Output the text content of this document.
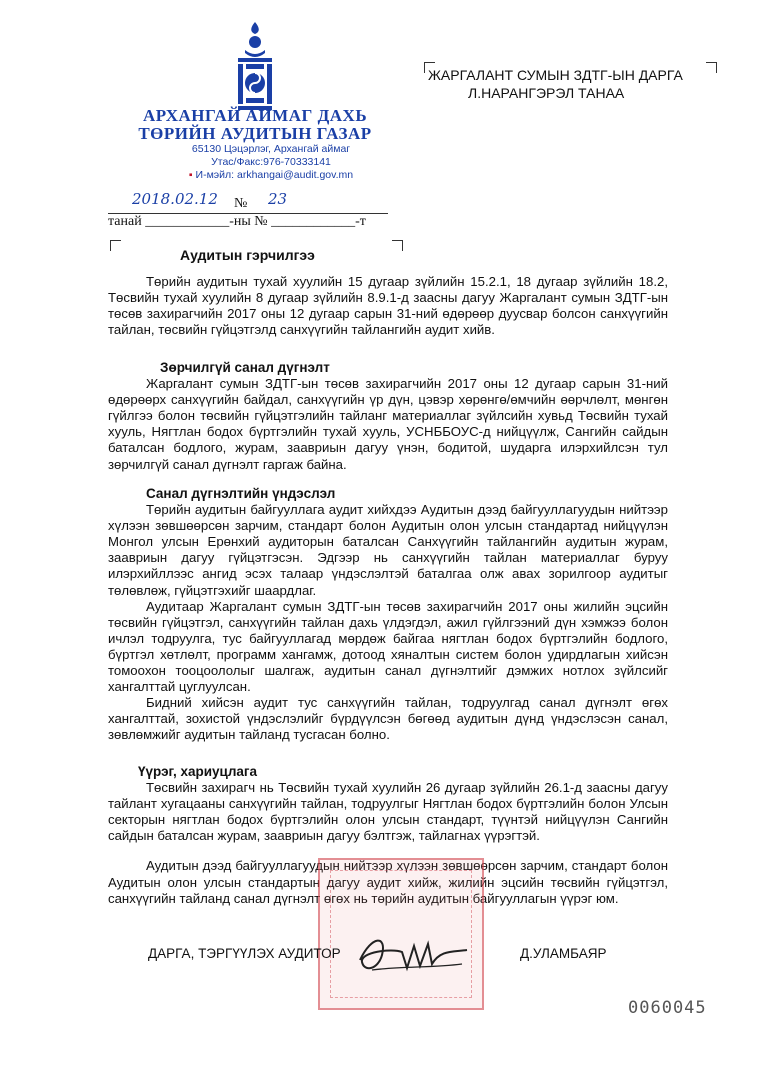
АРХАНГАЙ АЙМАГ ДАХЬ
ТӨРИЙН АУДИТЫН ГАЗАР
65130 Цэцэрлэг, Архангай аймаг
Утас/Факс:976-70333141
▪ И-мэйл: arkhangai@audit.gov.mn
ЖАРГАЛАНТ СУМЫН ЗДТГ-ЫН ДАРГА
Л.НАРАНГЭРЭЛ ТАНАА
2018.02.12 № 23
танай ____________-ны № ____________-т
Аудитын гэрчилгээ

Төрийн аудитын тухай хуулийн 15 дугаар зүйлийн 15.2.1, 18 дугаар зүйлийн 18.2, Төсвийн тухай хуулийн 8 дугаар зүйлийн 8.9.1-д заасны дагуу Жаргалант сумын ЗДТГ-ын төсөв захирагчийн 2017 оны 12 дугаар сарын 31-ний өдөрөөр дуусвар болсон санхүүгийн тайлан, төсвийн гүйцэтгэлд санхүүгийн тайлангийн аудит хийв.

Зөрчилгүй санал дүгнэлт

Жаргалант сумын ЗДТГ-ын төсөв захирагчийн 2017 оны 12 дугаар сарын 31-ний өдөрөөрх санхүүгийн байдал, санхүүгийн үр дүн, цэвэр хөрөнгө/өмчийн өөрчлөлт, мөнгөн гүйлгээ болон төсвийн гүйцэтгэлийн тайланг материаллаг зүйлсийн хувьд Төсвийн тухай хууль, Нягтлан бодох бүртгэлийн тухай хууль, УСНББОУС-д нийцүүлж, Сангийн сайдын баталсан бодлого, журам, заавриын дагуу үнэн, бодитой, шударга илэрхийлсэн тул зөрчилгүй санал дүгнэлт гаргаж байна.

Санал дүгнэлтийн үндэслэл

Төрийн аудитын байгууллага аудит хийхдээ Аудитын дээд байгууллагуудын нийтээр хүлээн зөвшөөрсөн зарчим, стандарт болон Аудитын олон улсын стандартад нийцүүлэн Монгол улсын Ерөнхий аудиторын баталсан Санхүүгийн тайлангийн аудитын журам, заавриын дагуу гүйцэтгэсэн. Эдгээр нь санхүүгийн тайлан материаллаг буруу илэрхийллээс ангид эсэх талаар үндэслэлтэй баталгаа олж авах зорилгоор аудитыг төлөвлөж, гүйцэтгэхийг шаардлаг.

Аудитаар Жаргалант сумын ЗДТГ-ын төсөв захирагчийн 2017 оны жилийн эцсийн төсвийн гүйцэтгэл, санхүүгийн тайлан дахь үлдэгдэл, ажил гүйлгээний дүн хэмжээ болон ичлэл тодруулга, тус байгууллагад мөрдөж байгаа нягтлан бодох бүртгэлийн бодлого, бүртгэл хөтлөлт, программ хангамж, дотоод хяналтын систем болон удирдлагын хийсэн томоохон тооцоололыг шалгаж, аудитын санал дүгнэлтийг дэмжих нотлох зүйлсийг хангалттай цуглуулсан.

Бидний хийсэн аудит тус санхүүгийн тайлан, тодруулгад санал дүгнэлт өгөх хангалттай, зохистой үндэслэлийг бүрдүүлсэн бөгөөд аудитын дүнд үндэслэсэн санал, зөвлөмжийг аудитын тайланд тусгасан болно.

Үүрэг, хариуцлага

Төсвийн захирагч нь Төсвийн тухай хуулийн 26 дугаар зүйлийн 26.1-д заасны дагуу тайлант хугацааны санхүүгийн тайлан, тодруулгыг Нягтлан бодох бүртгэлийн болон Улсын секторын нягтлан бодох бүртгэлийн олон улсын стандарт, түүнтэй нийцүүлэн Сангийн сайдын баталсан журам, заавриын дагуу бэлтгэж, тайлагнах үүрэгтэй.

Аудитын дээд байгууллагуудын нийтээр хүлээн зөвшөөрсөн зарчим, стандарт болон Аудитын олон улсын стандартын дагуу аудит хийж, жилийн эцсийн төсвийн гүйцэтгэл, санхүүгийн тайланд санал дүгнэлт өгөх нь төрийн аудитын байгууллагын үүрэг юм.

ДАРГА, ТЭРГҮҮЛЭХ АУДИТОР	Д.УЛАМБАЯР
0060045
